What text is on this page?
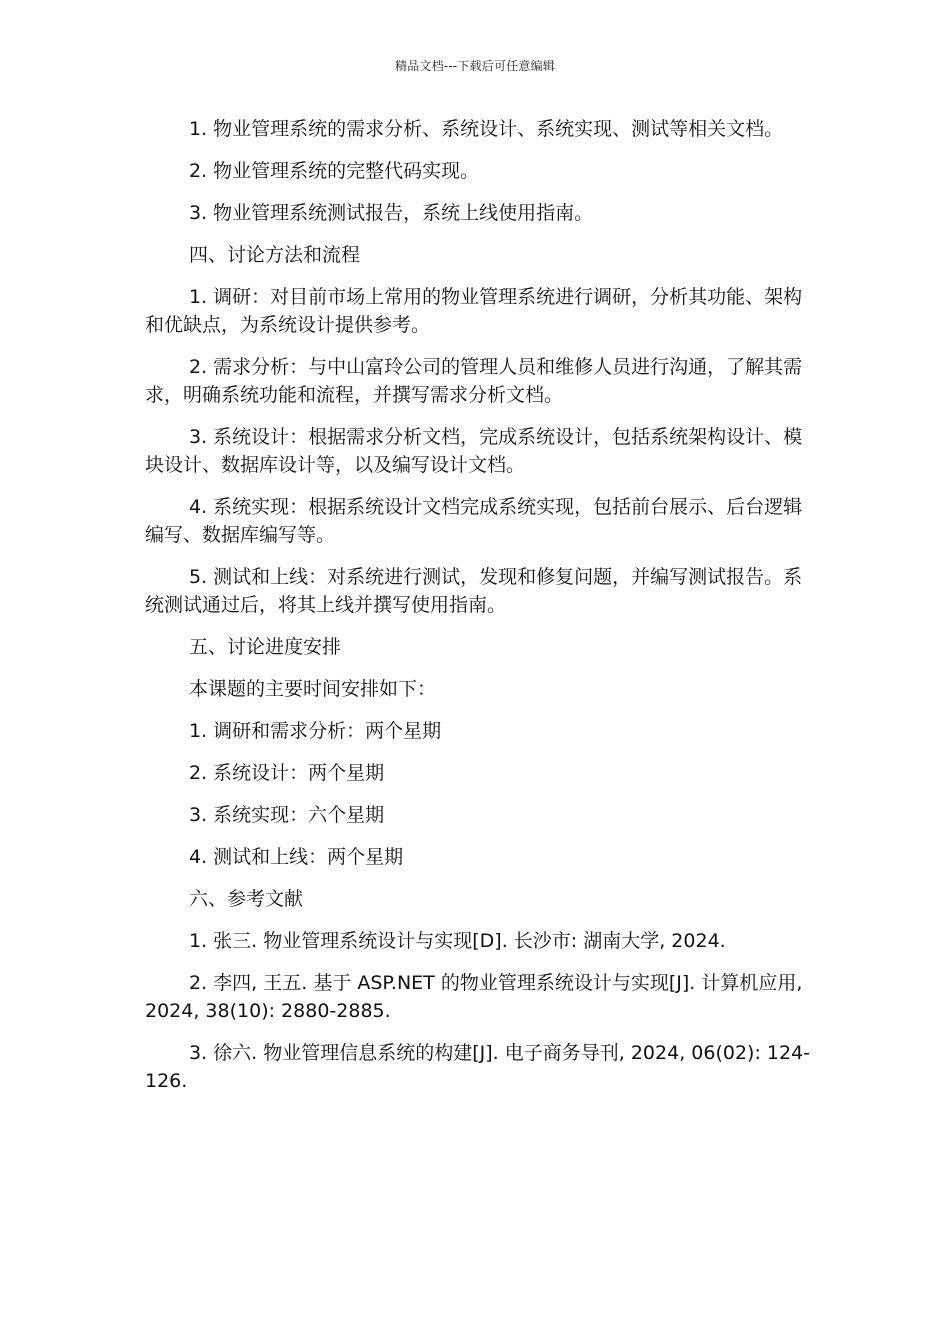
精品文档---下载后可任意编辑

1. 物业管理系统的需求分析、系统设计、系统实现、测试等相关文档。

2. 物业管理系统的完整代码实现。

3. 物业管理系统测试报告，系统上线使用指南。

四、讨论方法和流程

1. 调研：对目前市场上常用的物业管理系统进行调研，分析其功能、架构和优缺点，为系统设计提供参考。

2. 需求分析：与中山富玲公司的管理人员和维修人员进行沟通，了解其需求，明确系统功能和流程，并撰写需求分析文档。

3. 系统设计：根据需求分析文档，完成系统设计，包括系统架构设计、模块设计、数据库设计等，以及编写设计文档。

4. 系统实现：根据系统设计文档完成系统实现，包括前台展示、后台逻辑编写、数据库编写等。

5. 测试和上线：对系统进行测试，发现和修复问题，并编写测试报告。系统测试通过后，将其上线并撰写使用指南。

五、讨论进度安排

本课题的主要时间安排如下：

1. 调研和需求分析：两个星期

2. 系统设计：两个星期

3. 系统实现：六个星期

4. 测试和上线：两个星期

六、参考文献

1. 张三. 物业管理系统设计与实现[D]. 长沙市: 湖南大学, 2024.

2. 李四, 王五. 基于 ASP.NET 的物业管理系统设计与实现[J]. 计算机应用, 2024, 38(10): 2880-2885.

3. 徐六. 物业管理信息系统的构建[J]. 电子商务导刊, 2024, 06(02): 124-126.
